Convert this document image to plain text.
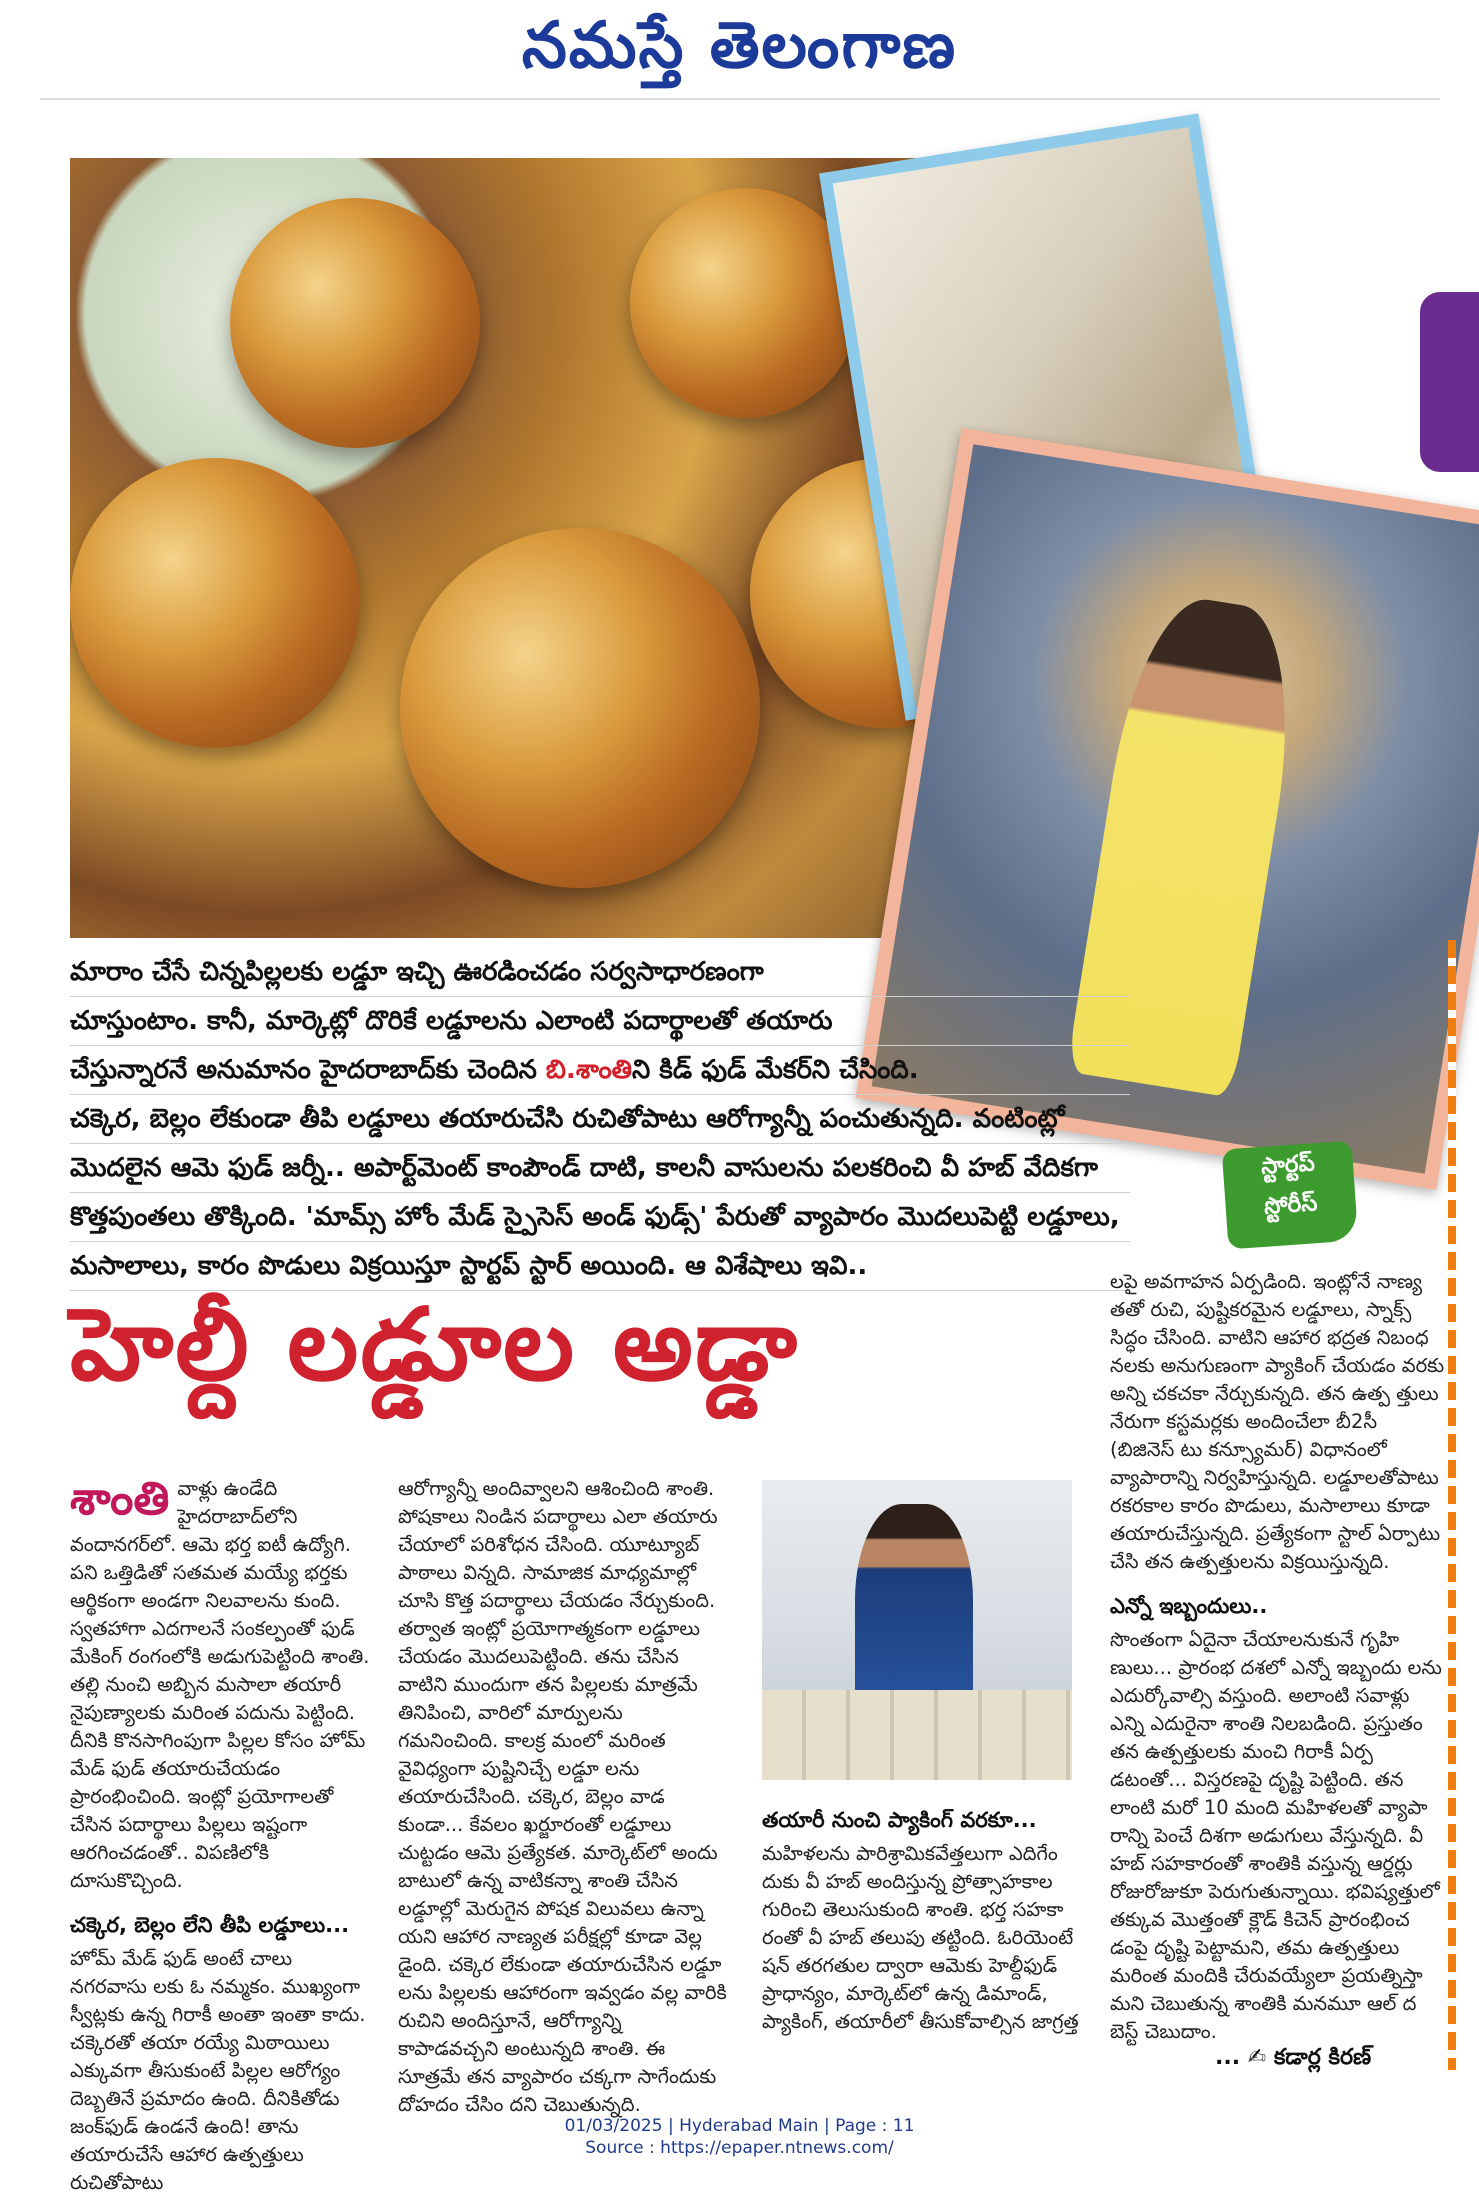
నమస్తే తెలంగాణ
మారాం చేసే చిన్నపిల్లలకు లడ్డూ ఇచ్చి ఊరడించడం సర్వసాధారణంగా
చూస్తుంటాం. కానీ, మార్కెట్లో దొరికే లడ్డూలను ఎలాంటి పదార్థాలతో తయారు
చేస్తున్నారనే అనుమానం హైదరాబాద్‌కు చెందిన బి.శాంతిని కిడ్ ఫుడ్ మేకర్‌ని చేసింది.
చక్కెర, బెల్లం లేకుండా తీపి లడ్డూలు తయారుచేసి రుచితోపాటు ఆరోగ్యాన్నీ పంచుతున్నది. వంటింట్లో
మొదలైన ఆమె ఫుడ్ జర్నీ.. అపార్ట్‌మెంట్ కాంపౌండ్ దాటి, కాలనీ వాసులను పలకరించి వీ హబ్ వేదికగా
కొత్తపుంతలు తొక్కింది. 'మామ్స్ హోం మేడ్ స్పైసెస్ అండ్ ఫుడ్స్' పేరుతో వ్యాపారం మొదలుపెట్టి లడ్డూలు,
మసాలాలు, కారం పొడులు విక్రయిస్తూ స్టార్టప్ స్టార్ అయింది. ఆ విశేషాలు ఇవి..
స్టార్టప్
స్టోరీస్
హెల్దీ లడ్డూల అడ్డా

శాంతి వాళ్లు ఉండేది హైదరాబాద్‌లోని వందానగర్‌లో. ఆమె భర్త ఐటీ ఉద్యోగి. పని ఒత్తిడితో సతమత మయ్యే భర్తకు ఆర్థికంగా అండగా నిలవాలను కుంది. స్వతహాగా ఎదగాలనే సంకల్పంతో ఫుడ్ మేకింగ్ రంగంలోకి అడుగుపెట్టింది శాంతి. తల్లి నుంచి అబ్బిన మసాలా తయారీ నైపుణ్యాలకు మరింత పదును పెట్టింది. దీనికి కొనసాగింపుగా పిల్లల కోసం హోమ్ మేడ్ ఫుడ్ తయారుచేయడం ప్రారంభించింది. ఇంట్లో ప్రయోగాలతో చేసిన పదార్థాలు పిల్లలు ఇష్టంగా ఆరగించడంతో.. విపణిలోకి దూసుకొచ్చింది.

చక్కెర, బెల్లం లేని తీపి లడ్డూలు...

హోమ్ మేడ్ ఫుడ్ అంటే చాలు నగరవాసు లకు ఓ నమ్మకం. ముఖ్యంగా స్వీట్లకు ఉన్న గిరాకీ అంతా ఇంతా కాదు. చక్కెరతో తయా రయ్యే మిఠాయిలు ఎక్కువగా తీసుకుంటే పిల్లల ఆరోగ్యం దెబ్బతినే ప్రమాదం ఉంది. దీనికితోడు జంక్‌ఫుడ్ ఉండనే ఉంది! తాను తయారుచేసే ఆహార ఉత్పత్తులు రుచితోపాటు

ఆరోగ్యాన్నీ అందివ్వాలని ఆశించింది శాంతి. పోషకాలు నిండిన పదార్థాలు ఎలా తయారు చేయాలో పరిశోధన చేసింది. యూట్యూబ్ పాఠాలు విన్నది. సామాజిక మాధ్యమాల్లో చూసి కొత్త పదార్థాలు చేయడం నేర్చుకుంది. తర్వాత ఇంట్లో ప్రయోగాత్మకంగా లడ్డూలు చేయడం మొదలుపెట్టింది. తను చేసిన వాటిని ముందుగా తన పిల్లలకు మాత్రమే తినిపించి, వారిలో మార్పులను గమనించింది. కాలక్ర మంలో మరింత వైవిధ్యంగా పుష్టినిచ్చే లడ్డూ లను తయారుచేసింది. చక్కెర, బెల్లం వాడ కుండా... కేవలం ఖర్జూరంతో లడ్డూలు చుట్టడం ఆమె ప్రత్యేకత. మార్కెట్‌లో అందు బాటులో ఉన్న వాటికన్నా శాంతి చేసిన లడ్డూల్లో మెరుగైన పోషక విలువలు ఉన్నా యని ఆహార నాణ్యత పరీక్షల్లో కూడా వెల్ల డైంది. చక్కెర లేకుండా తయారుచేసిన లడ్డూ లను పిల్లలకు ఆహారంగా ఇవ్వడం వల్ల వారికి రుచిని అందిస్తూనే, ఆరోగ్యాన్ని కాపాడవచ్చని అంటున్నది శాంతి. ఈ సూత్రమే తన వ్యాపారం చక్కగా సాగేందుకు దోహదం చేసిం దని చెబుతున్నది.

తయారీ నుంచి ప్యాకింగ్ వరకూ...

మహిళలను పారిశ్రామికవేత్తలుగా ఎదిగేం దుకు వీ హబ్ అందిస్తున్న ప్రోత్సాహకాల గురించి తెలుసుకుంది శాంతి. భర్త సహకా రంతో వీ హబ్ తలుపు తట్టింది. ఓరియెంటే షన్ తరగతుల ద్వారా ఆమెకు హెల్దీఫుడ్ ప్రాధాన్యం, మార్కెట్‌లో ఉన్న డిమాండ్, ప్యాకింగ్, తయారీలో తీసుకోవాల్సిన జాగ్రత్త

లపై అవగాహన ఏర్పడింది. ఇంట్లోనే నాణ్య తతో రుచి, పుష్టికరమైన లడ్డూలు, స్నాక్స్ సిద్ధం చేసింది. వాటిని ఆహార భద్రత నిబంధ నలకు అనుగుణంగా ప్యాకింగ్ చేయడం వరకు అన్ని చకచకా నేర్చుకున్నది. తన ఉత్ప త్తులు నేరుగా కస్టమర్లకు అందించేలా బీ2సీ (బిజినెస్ టు కన్స్యూమర్) విధానంలో వ్యాపారాన్ని నిర్వహిస్తున్నది. లడ్డూలతోపాటు రకరకాల కారం పొడులు, మసాలాలు కూడా తయారుచేస్తున్నది. ప్రత్యేకంగా స్టాల్ ఏర్పాటు చేసి తన ఉత్పత్తులను విక్రయిస్తున్నది.

ఎన్నో ఇబ్బందులు..

సొంతంగా ఏదైనా చేయాలనుకునే గృహి ణులు... ప్రారంభ దశలో ఎన్నో ఇబ్బందు లను ఎదుర్కోవాల్సి వస్తుంది. అలాంటి సవాళ్లు ఎన్ని ఎదురైనా శాంతి నిలబడింది. ప్రస్తుతం తన ఉత్పత్తులకు మంచి గిరాకీ ఏర్ప డటంతో... విస్తరణపై దృష్టి పెట్టింది. తన లాంటి మరో 10 మంది మహిళలతో వ్యాపా రాన్ని పెంచే దిశగా అడుగులు వేస్తున్నది. వీ హబ్ సహకారంతో శాంతికి వస్తున్న ఆర్డర్లు రోజురోజుకూ పెరుగుతున్నాయి. భవిష్యత్తులో తక్కువ మొత్తంతో క్లౌడ్ కిచెన్ ప్రారంభించ డంపై దృష్టి పెట్టామని, తమ ఉత్పత్తులు మరింత మందికి చేరువయ్యేలా ప్రయత్నిస్తా మని చెబుతున్న శాంతికి మనమూ ఆల్ ద బెస్ట్ చెబుదాం.

... ✍ కడార్ల కిరణ్
01/03/2025 | Hyderabad Main | Page : 11
Source : https://epaper.ntnews.com/
